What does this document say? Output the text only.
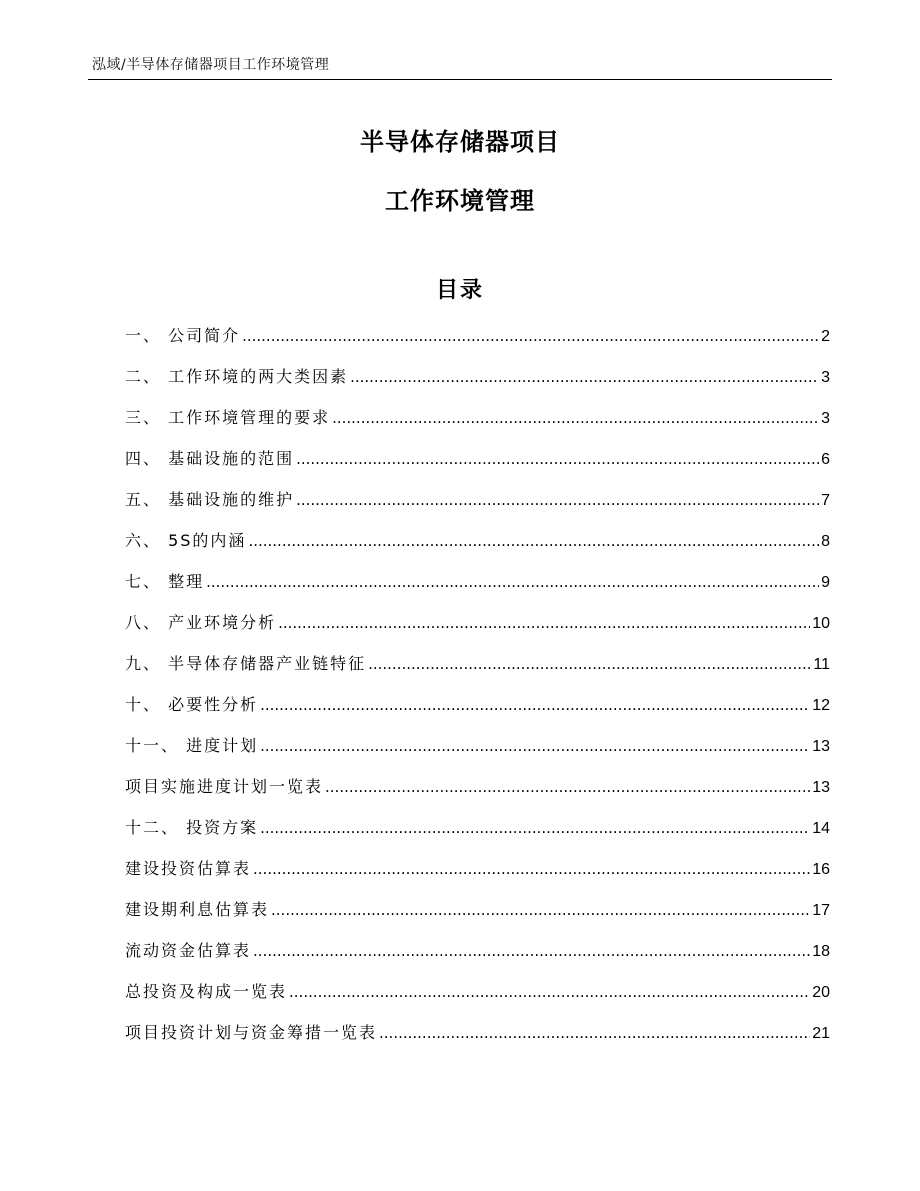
泓域/半导体存储器项目工作环境管理
半导体存储器项目
工作环境管理
目录
一、 公司简介 .....	2
二、 工作环境的两大类因素 .....	3
三、 工作环境管理的要求 .....	3
四、 基础设施的范围 .....	6
五、 基础设施的维护 .....	7
六、 5S的内涵 .....	8
七、 整理 .....	9
八、 产业环境分析 .....	10
九、 半导体存储器产业链特征 .....	11
十、 必要性分析 .....	12
十一、 进度计划 .....	13
项目实施进度计划一览表 .....	13
十二、 投资方案 .....	14
建设投资估算表 .....	16
建设期利息估算表 .....	17
流动资金估算表 .....	18
总投资及构成一览表 .....	20
项目投资计划与资金筹措一览表 .....	21
